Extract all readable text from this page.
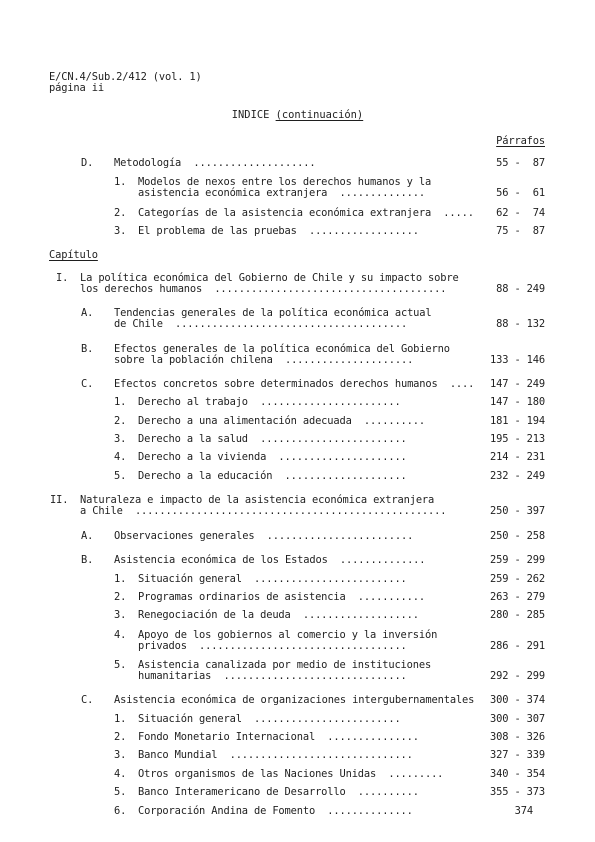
E/CN.4/Sub.2/412 (vol. 1)
página ii
INDICE (continuación)
Párrafos
D. Metodología  ....................	55 -  87
1. Modelos de nexos entre los derechos humanos y la
asistencia económica extranjera  ..............	56 -  61
2. Categorías de la asistencia económica extranjera  ..... 62 -  74
3. El problema de las pruebas  ..................	75 -  87
Capítulo
I. La política económica del Gobierno de Chile y su impacto sobre
los derechos humanos  ......................................	88 - 249
A. Tendencias generales de la política económica actual
de Chile  ......................................	88 - 132
B. Efectos generales de la política económica del Gobierno
sobre la población chilena  .....................	133 - 146
C. Efectos concretos sobre determinados derechos humanos  .... 147 - 249
1. Derecho al trabajo  .......................	147 - 180
2. Derecho a una alimentación adecuada  ..........	181 - 194
3. Derecho a la salud  ........................	195 - 213
4. Derecho a la vivienda  .....................	214 - 231
5. Derecho a la educación  ....................	232 - 249
II. Naturaleza e impacto de la asistencia económica extranjera
a Chile  ...................................................	250 - 397
A. Observaciones generales  ........................	250 - 258
B. Asistencia económica de los Estados  ..............	259 - 299
1. Situación general  .........................	259 - 262
2. Programas ordinarios de asistencia  ...........	263 - 279
3. Renegociación de la deuda  ...................	280 - 285
4. Apoyo de los gobiernos al comercio y la inversión
privados  ..................................	286 - 291
5. Asistencia canalizada por medio de instituciones
humanitarias  ..............................	292 - 299
C. Asistencia económica de organizaciones intergubernamentales 300 - 374
1. Situación general  ........................	300 - 307
2. Fondo Monetario Internacional  ...............	308 - 326
3. Banco Mundial  ..............................	327 - 339
4. Otros organismos de las Naciones Unidas  .........	340 - 354
5. Banco Interamericano de Desarrollo  ..........	355 - 373
6. Corporación Andina de Fomento  ..............	374
